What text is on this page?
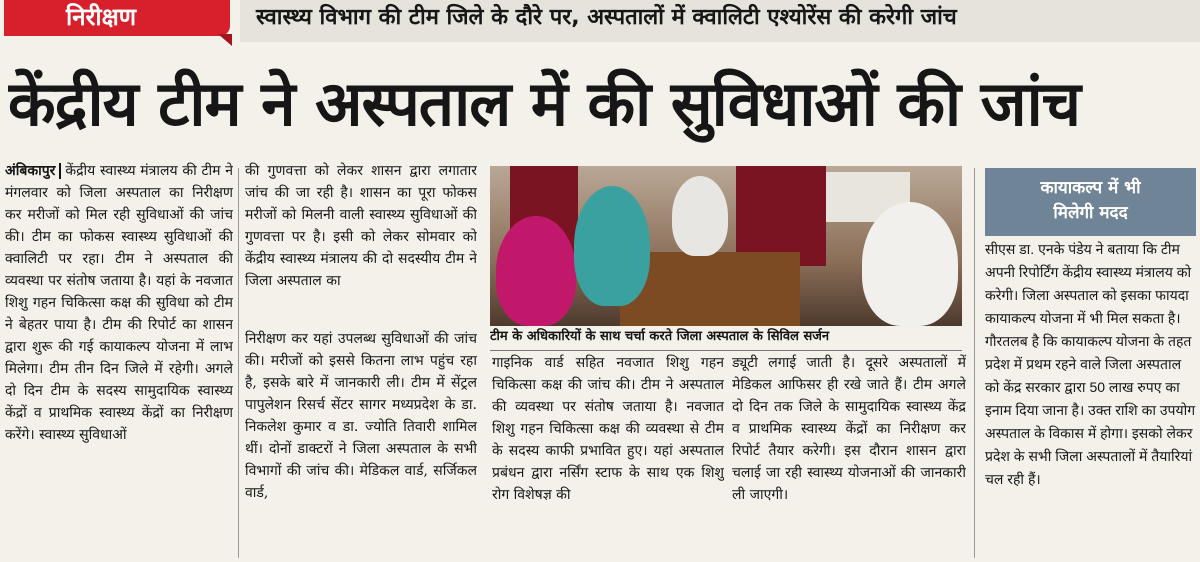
निरीक्षण	स्वास्थ्य विभाग की टीम जिले के दौरे पर, अस्पतालों में क्वालिटी एश्योरेंस की करेगी जांच
केंद्रीय टीम ने अस्पताल में की सुविधाओं की जांच
अंबिकापुर केंद्रीय स्वास्थ्य मंत्रालय की टीम ने मंगलवार को जिला अस्पताल का निरीक्षण कर मरीजों को मिल रही सुविधाओं की जांच की। टीम का फोकस स्वास्थ्य सुविधाओं की क्वालिटी पर रहा। टीम ने अस्पताल की व्यवस्था पर संतोष जताया है। यहां के नवजात शिशु गहन चिकित्सा कक्ष की सुविधा को टीम ने बेहतर पाया है। टीम की रिपोर्ट का शासन द्वारा शुरू की गई कायाकल्प योजना में लाभ मिलेगा। टीम तीन दिन जिले में रहेगी। अगले दो दिन टीम के सदस्य सामुदायिक स्वास्थ्य केंद्रों व प्राथमिक स्वास्थ्य केंद्रों का निरीक्षण करेंगे। स्वास्थ्य सुविधाओं
की गुणवत्ता को लेकर शासन द्वारा लगातार जांच की जा रही है। शासन का पूरा फोकस मरीजों को मिलनी वाली स्वास्थ्य सुविधाओं की गुणवत्ता पर है। इसी को लेकर सोमवार को केंद्रीय स्वास्थ्य मंत्रालय की दो सदस्यीय टीम ने जिला अस्पताल का
निरीक्षण कर यहां उपलब्ध सुविधाओं की जांच की। मरीजों को इससे कितना लाभ पहुंच रहा है, इसके बारे में जानकारी ली। टीम में सेंट्रल पापुलेशन रिसर्च सेंटर सागर मध्यप्रदेश के डा. निकलेश कुमार व डा. ज्योति तिवारी शामिल थीं। दोनों डाक्टरों ने जिला अस्पताल के सभी विभागों की जांच की। मेडिकल वार्ड, सर्जिकल वार्ड,
टीम के अधिकारियों के साथ चर्चा करते जिला अस्पताल के सिविल सर्जन
गाइनिक वार्ड सहित नवजात शिशु गहन चिकित्सा कक्ष की जांच की। टीम ने अस्पताल की व्यवस्था पर संतोष जताया है। नवजात शिशु गहन चिकित्सा कक्ष की व्यवस्था से टीम के सदस्य काफी प्रभावित हुए। यहां अस्पताल प्रबंधन द्वारा नर्सिंग स्टाफ के साथ एक शिशु रोग विशेषज्ञ की
ड्यूटी लगाई जाती है। दूसरे अस्पतालों में मेडिकल आफिसर ही रखे जाते हैं। टीम अगले दो दिन तक जिले के सामुदायिक स्वास्थ्य केंद्र व प्राथमिक स्वास्थ्य केंद्रों का निरीक्षण कर रिपोर्ट तैयार करेगी। इस दौरान शासन द्वारा चलाई जा रही स्वास्थ्य योजनाओं की जानकारी ली जाएगी।
कायाकल्प में भी
मिलेगी मदद
सीएस डा. एनके पंडेय ने बताया कि टीम अपनी रिपोर्टिंग केंद्रीय स्वास्थ्य मंत्रालय को करेगी। जिला अस्पताल को इसका फायदा कायाकल्प योजना में भी मिल सकता है। गौरतलब है कि कायाकल्प योजना के तहत प्रदेश में प्रथम रहने वाले जिला अस्पताल को केंद्र सरकार द्वारा 50 लाख रुपए का इनाम दिया जाना है। उक्त राशि का उपयोग अस्पताल के विकास में होगा। इसको लेकर प्रदेश के सभी जिला अस्पतालों में तैयारियां चल रही हैं।
